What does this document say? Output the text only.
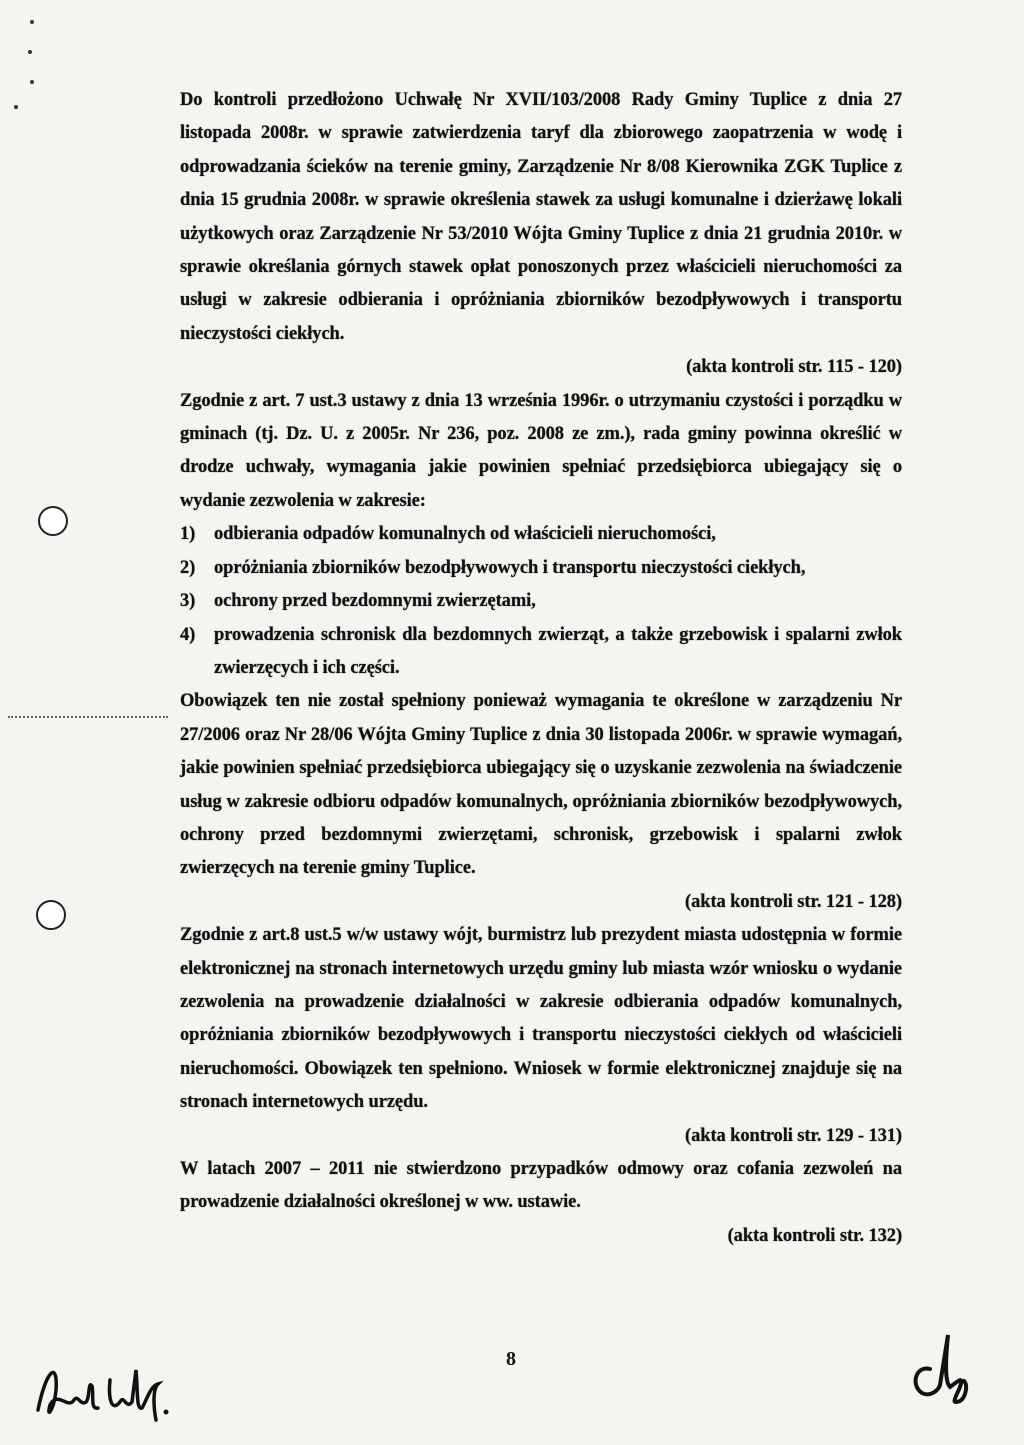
Do kontroli przedłożono Uchwałę Nr XVII/103/2008 Rady Gminy Tuplice z dnia 27 listopada 2008r. w sprawie zatwierdzenia taryf dla zbiorowego zaopatrzenia w wodę i odprowadzania ścieków na terenie gminy, Zarządzenie Nr 8/08 Kierownika ZGK Tuplice z dnia 15 grudnia 2008r. w sprawie określenia stawek za usługi komunalne i dzierżawę lokali użytkowych oraz Zarządzenie Nr 53/2010 Wójta Gminy Tuplice z dnia 21 grudnia 2010r. w sprawie określania górnych stawek opłat ponoszonych przez właścicieli nieruchomości za usługi w zakresie odbierania i opróżniania zbiorników bezodpływowych i transportu nieczystości ciekłych.

(akta kontroli str. 115 - 120)

Zgodnie z art. 7 ust.3 ustawy z dnia 13 września 1996r. o utrzymaniu czystości i porządku w gminach (tj. Dz. U. z 2005r. Nr 236, poz. 2008 ze zm.), rada gminy powinna określić w drodze uchwały, wymagania jakie powinien spełniać przedsiębiorca ubiegający się o wydanie zezwolenia w zakresie:

1)	odbierania odpadów komunalnych od właścicieli nieruchomości,
2)	opróżniania zbiorników bezodpływowych i transportu nieczystości ciekłych,
3)	ochrony przed bezdomnymi zwierzętami,
4)	prowadzenia schronisk dla bezdomnych zwierząt, a także grzebowisk i spalarni zwłok zwierzęcych i ich części.

Obowiązek ten nie został spełniony ponieważ wymagania te określone w zarządzeniu Nr 27/2006 oraz Nr 28/06 Wójta Gminy Tuplice z dnia 30 listopada 2006r. w sprawie wymagań, jakie powinien spełniać przedsiębiorca ubiegający się o uzyskanie zezwolenia na świadczenie usług w zakresie odbioru odpadów komunalnych, opróżniania zbiorników bezodpływowych, ochrony przed bezdomnymi zwierzętami, schronisk, grzebowisk i spalarni zwłok zwierzęcych na terenie gminy Tuplice.

(akta kontroli str. 121 - 128)

Zgodnie z art.8 ust.5 w/w ustawy wójt, burmistrz lub prezydent miasta udostępnia w formie elektronicznej na stronach internetowych urzędu gminy lub miasta wzór wniosku o wydanie zezwolenia na prowadzenie działalności w zakresie odbierania odpadów komunalnych, opróżniania zbiorników bezodpływowych i transportu nieczystości ciekłych od właścicieli nieruchomości. Obowiązek ten spełniono. Wniosek w formie elektronicznej znajduje się na stronach internetowych urzędu.

(akta kontroli str. 129 - 131)

W latach 2007 – 2011 nie stwierdzono przypadków odmowy oraz cofania zezwoleń na prowadzenie działalności określonej w ww. ustawie.

(akta kontroli str. 132)

8
